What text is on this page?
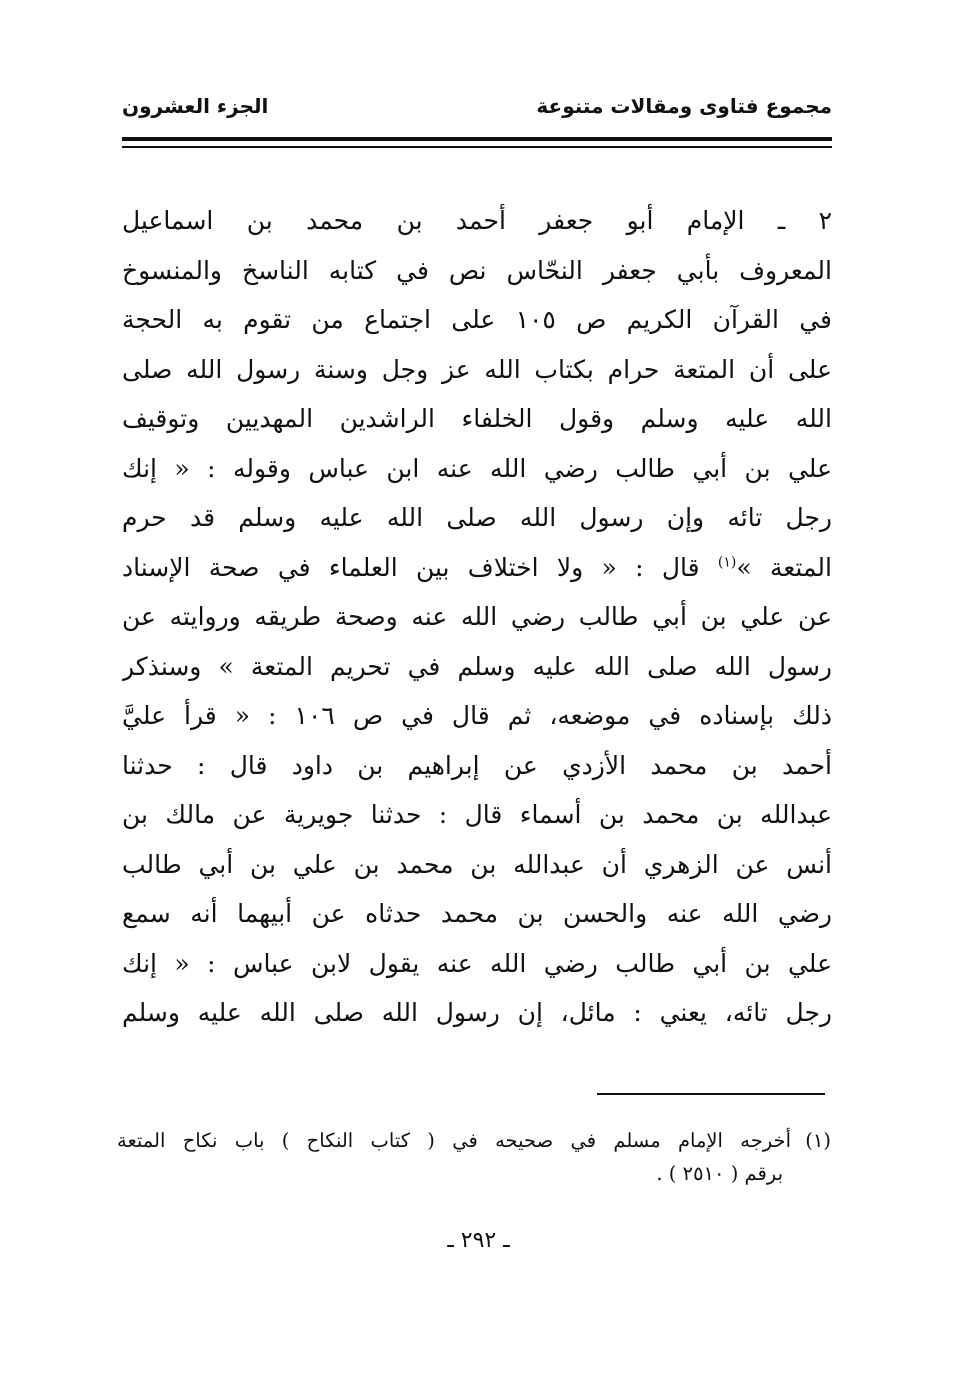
مجموع فتاوى ومقالات متنوعة
الجزء العشرون
٢ ـ الإمام أبو جعفر أحمد بن محمد بن اسماعيل
المعروف بأبي جعفر النحّاس نص في كتابه الناسخ والمنسوخ
في القرآن الكريم ص ١٠٥ على اجتماع من تقوم به الحجة
على أن المتعة حرام بكتاب الله عز وجل وسنة رسول الله صلى
الله عليه وسلم وقول الخلفاء الراشدين المهديين وتوقيف
علي بن أبي طالب رضي الله عنه ابن عباس وقوله : « إنك
رجل تائه وإن رسول الله صلى الله عليه وسلم قد حرم
المتعة »$^{(١)}$ قال : « ولا اختلاف بين العلماء في صحة الإسناد
عن علي بن أبي طالب رضي الله عنه وصحة طريقه وروايته عن
رسول الله صلى الله عليه وسلم في تحريم المتعة » وسنذكر
ذلك بإسناده في موضعه، ثم قال في ص ١٠٦ : « قرأ عليَّ
أحمد بن محمد الأزدي عن إبراهيم بن داود قال : حدثنا
عبدالله بن محمد بن أسماء قال : حدثنا جويرية عن مالك بن
أنس عن الزهري أن عبدالله بن محمد بن علي بن أبي طالب
رضي الله عنه والحسن بن محمد حدثاه عن أبيهما أنه سمع
علي بن أبي طالب رضي الله عنه يقول لابن عباس : « إنك
رجل تائه، يعني : مائل، إن رسول الله صلى الله عليه وسلم
(١)أخرجه الإمام مسلم في صحيحه في ( كتاب النكاح ) باب نكاح المتعة
برقم ( ٢٥١٠ ) .
ـ ٢٩٢ ـ
